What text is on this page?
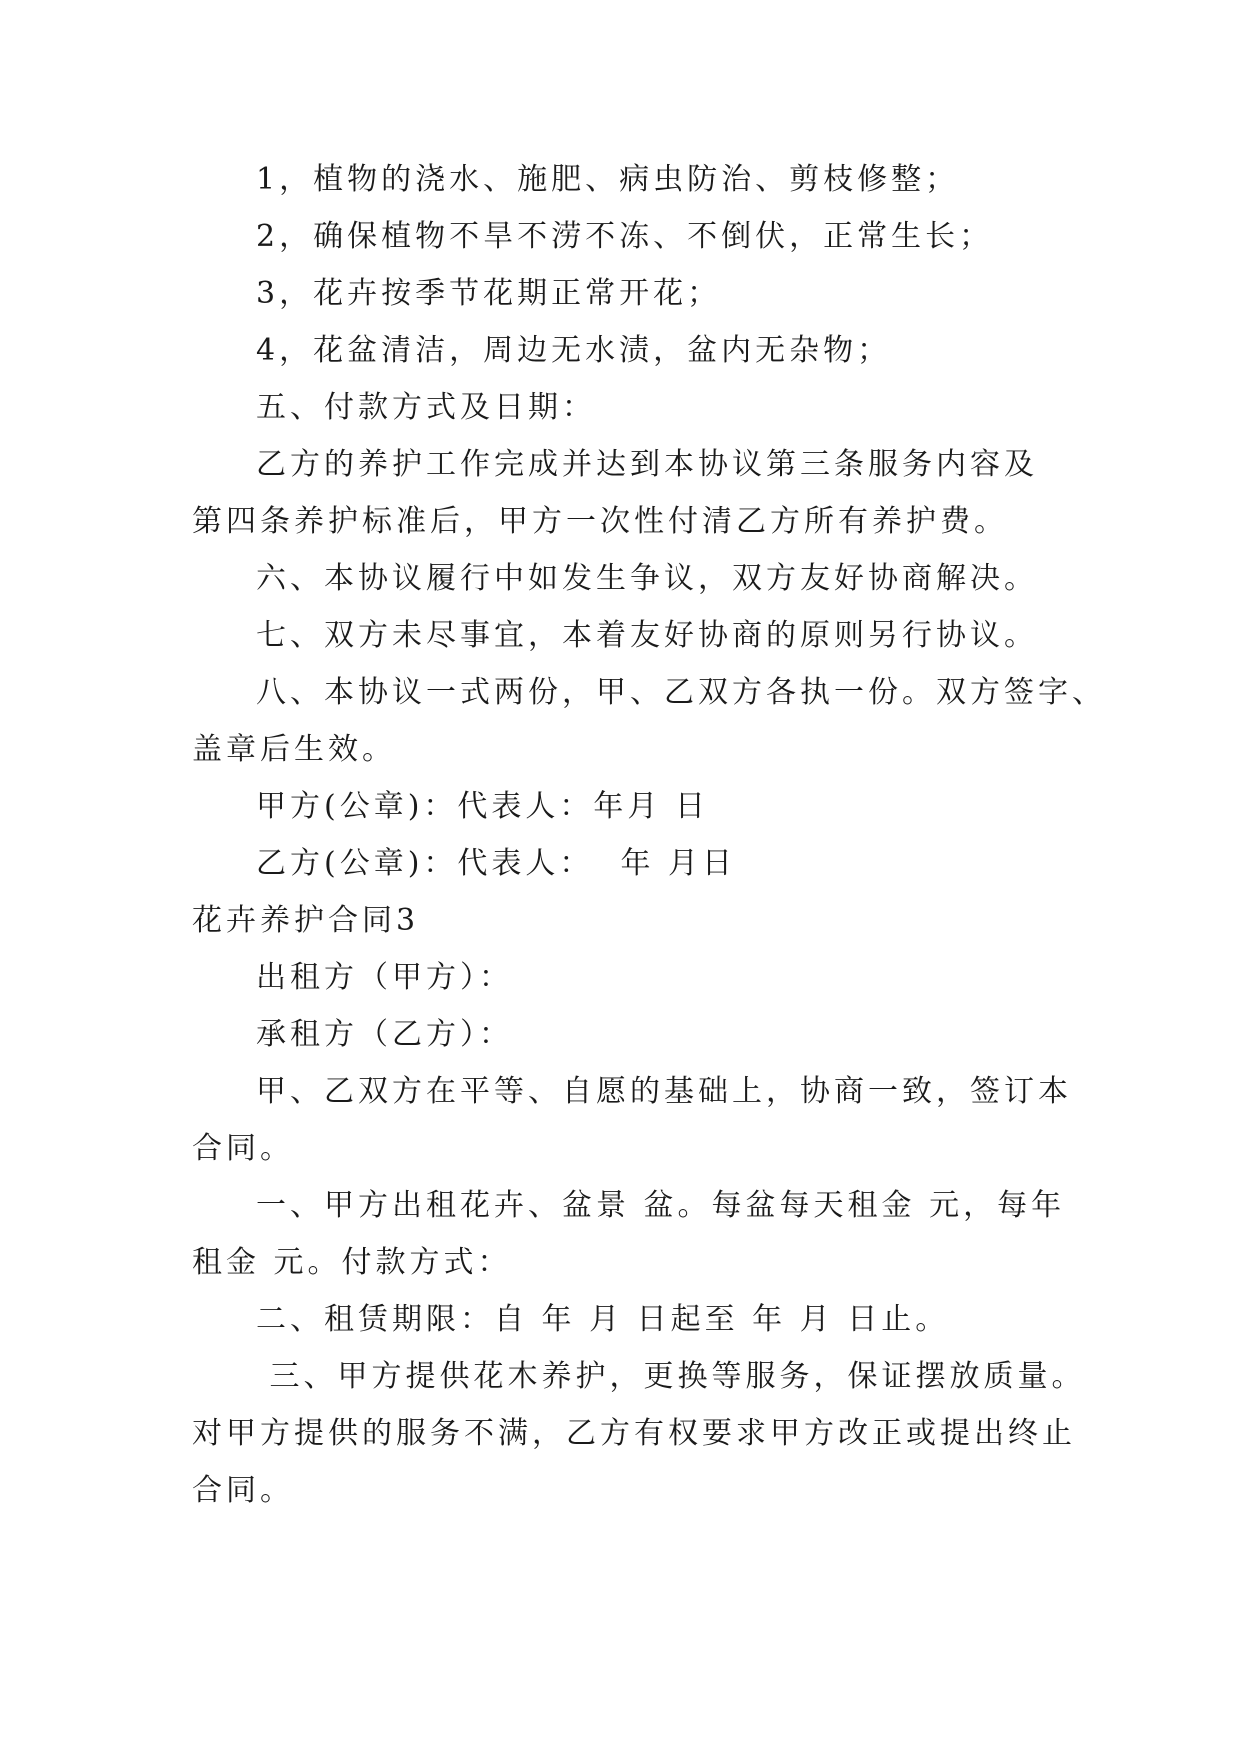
1，植物的浇水、施肥、病虫防治、剪枝修整；
2，确保植物不旱不涝不冻、不倒伏，正常生长；
3，花卉按季节花期正常开花；
4，花盆清洁，周边无水渍，盆内无杂物；
五、付款方式及日期：
乙方的养护工作完成并达到本协议第三条服务内容及
第四条养护标准后，甲方一次性付清乙方所有养护费。
六、本协议履行中如发生争议，双方友好协商解决。
七、双方未尽事宜，本着友好协商的原则另行协议。
八、本协议一式两份，甲、乙双方各执一份。双方签字、
盖章后生效。
甲方(公章)：代表人：年月 日
乙方(公章)：代表人：  年 月日
花卉养护合同3
出租方（甲方）：
承租方（乙方）：
甲、乙双方在平等、自愿的基础上，协商一致，签订本
合同。
一、甲方出租花卉、盆景 盆。每盆每天租金 元，每年
租金 元。付款方式：
二、租赁期限：自 年 月 日起至 年 月 日止。
三、甲方提供花木养护，更换等服务，保证摆放质量。
对甲方提供的服务不满，乙方有权要求甲方改正或提出终止
合同。
